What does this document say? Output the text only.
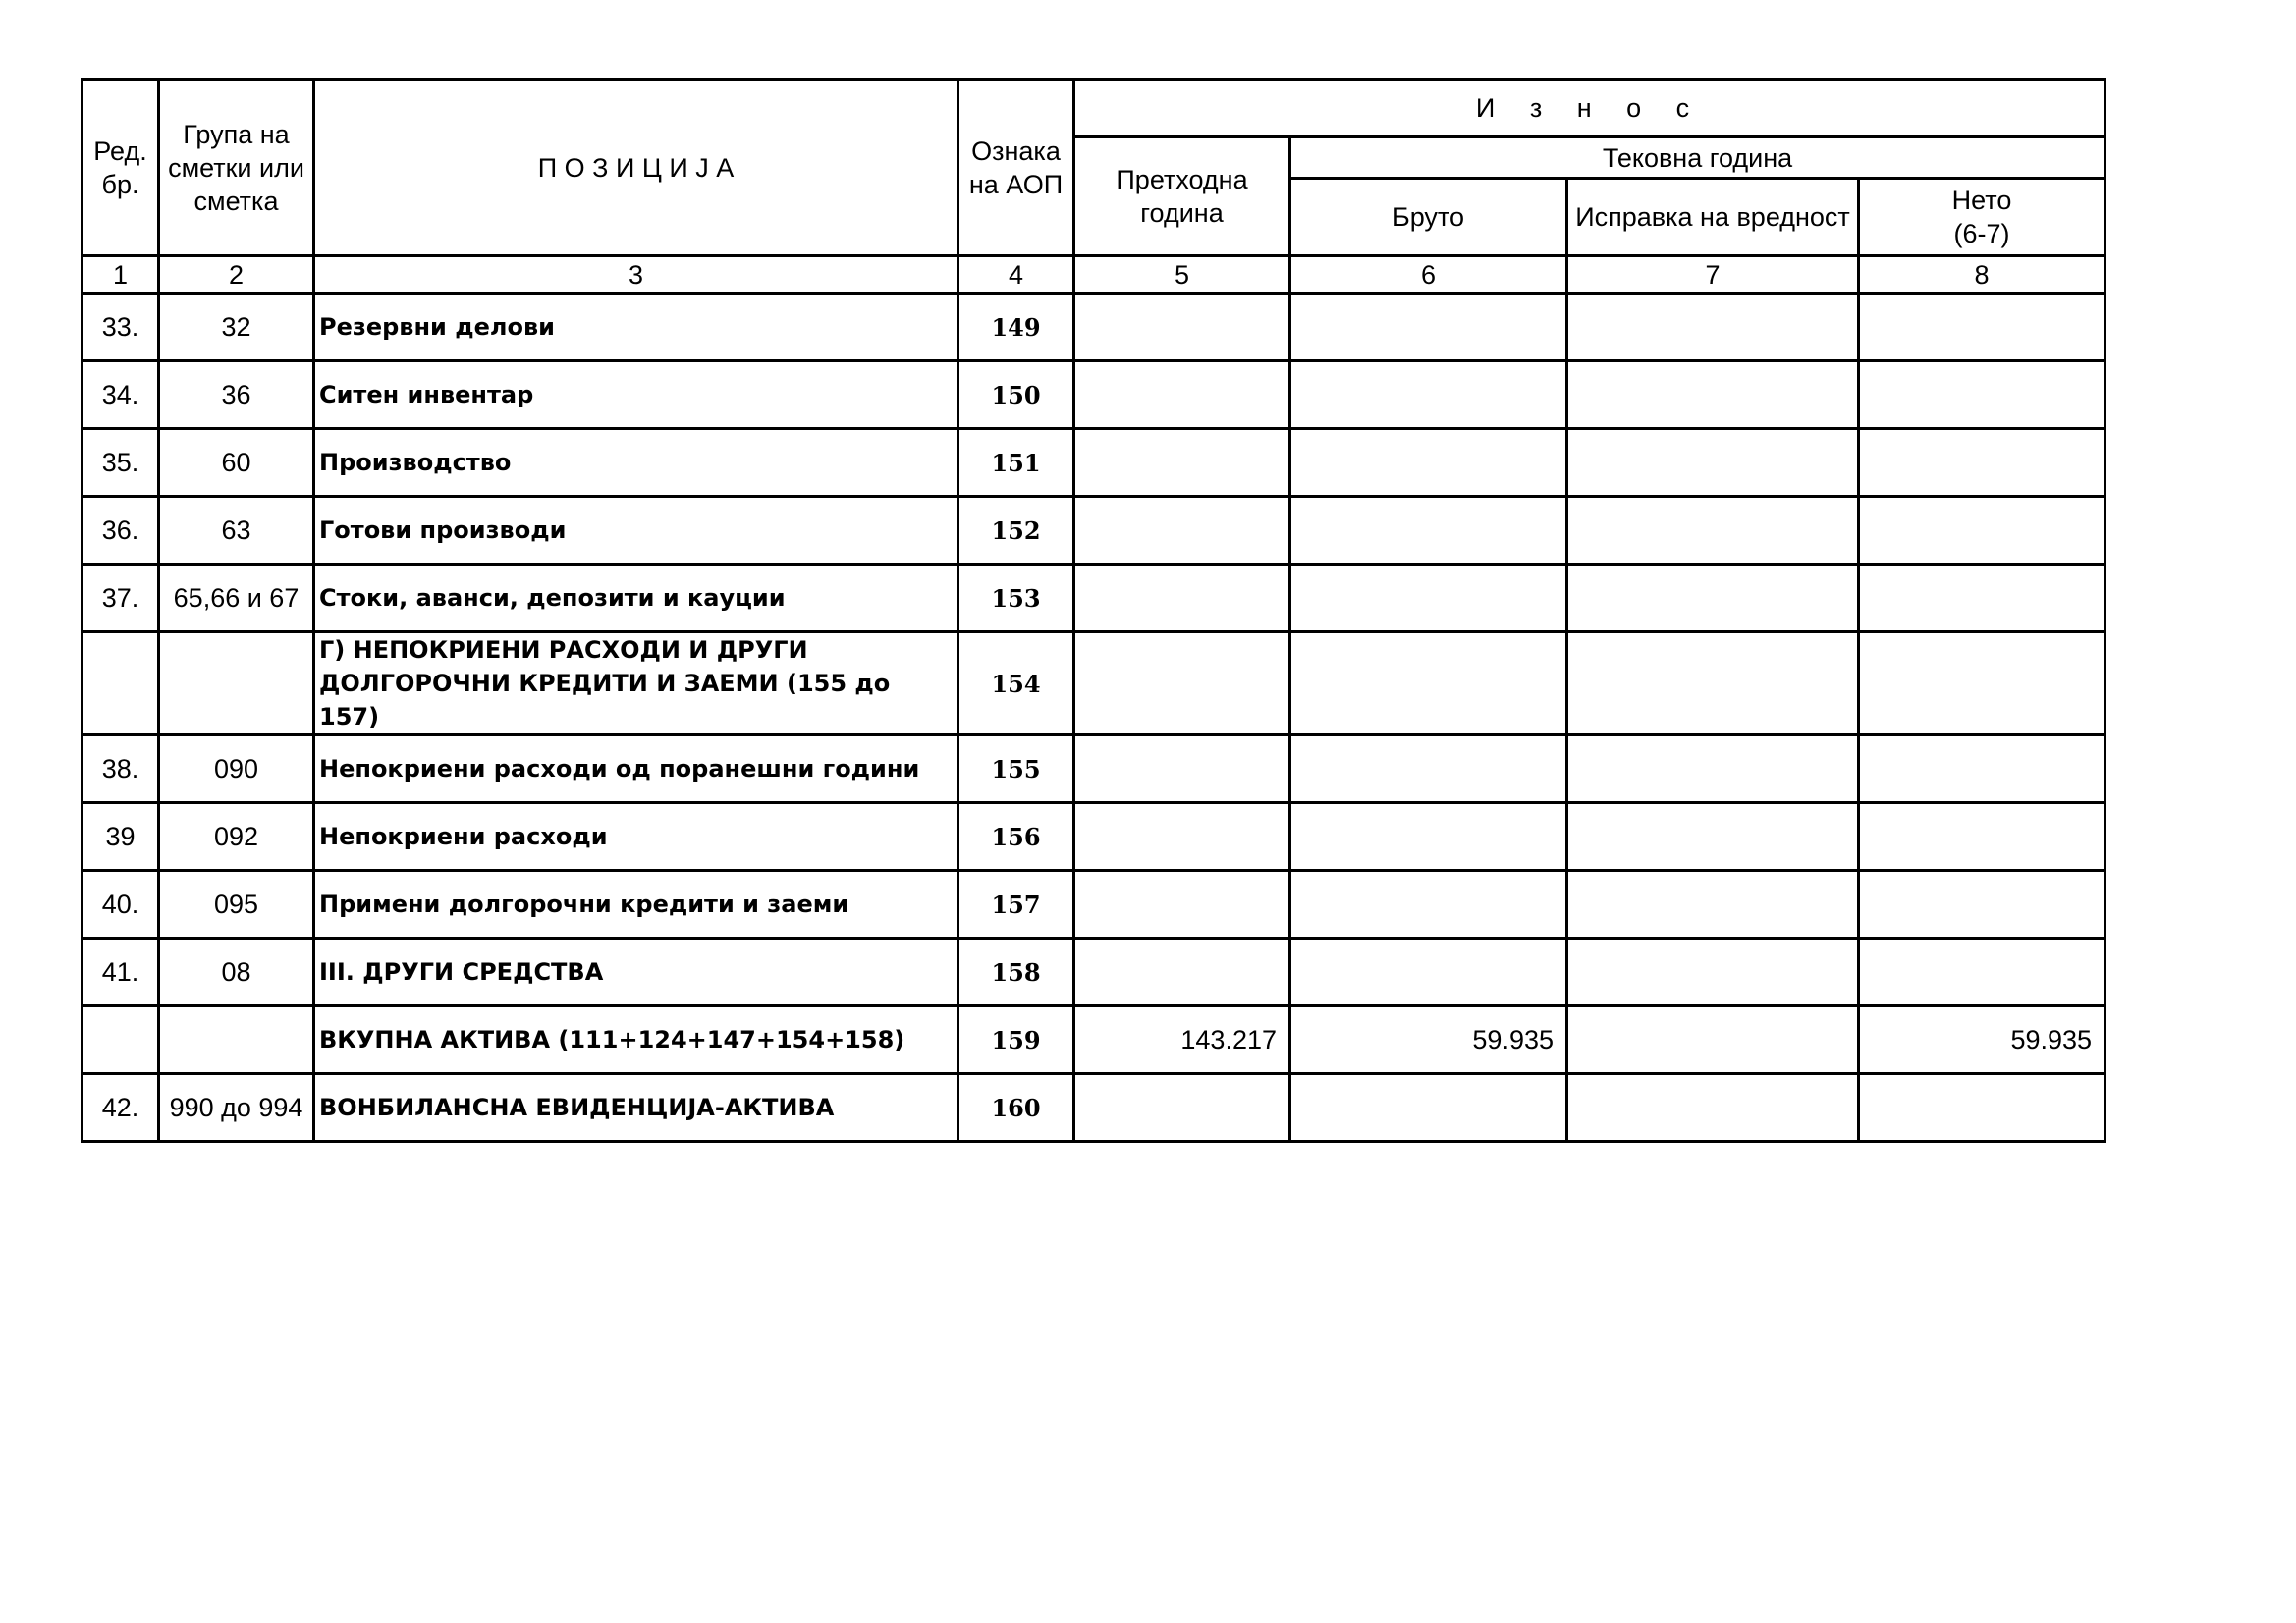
Ред. бр.	Група на сметки или сметка	П О З И Ц И Ј А	Ознака на АОП	И з н о с			
				Претходна година	Тековна година		
					Бруто	Исправка на вредност	Нето
(6-7)

1	2	3	4	5	6	7	8
33.	32	Резервни делови	149				
34.	36	Ситен инвентар	150				
35.	60	Производство	151				
36.	63	Готови производи	152				
37.	65,66 и 67	Стоки, аванси, депозити и кауции	153				

		Г) НЕПОКРИЕНИ РАСХОДИ И ДРУГИ
ДОЛГОРОЧНИ КРЕДИТИ И ЗАЕМИ (155 до 157)	154				
38.	090	Непокриени расходи од поранешни години	155				
39	092	Непокриени расходи	156				
40.	095	Примени долгорочни кредити и заеми	157				
41.	08	III. ДРУГИ СРЕДСТВА	158				
		ВКУПНА АКТИВА (111+124+147+154+158)	159	143.217	59.935		59.935
42.	990 до 994	ВОНБИЛАНСНА ЕВИДЕНЦИЈА-АКТИВА	160				
